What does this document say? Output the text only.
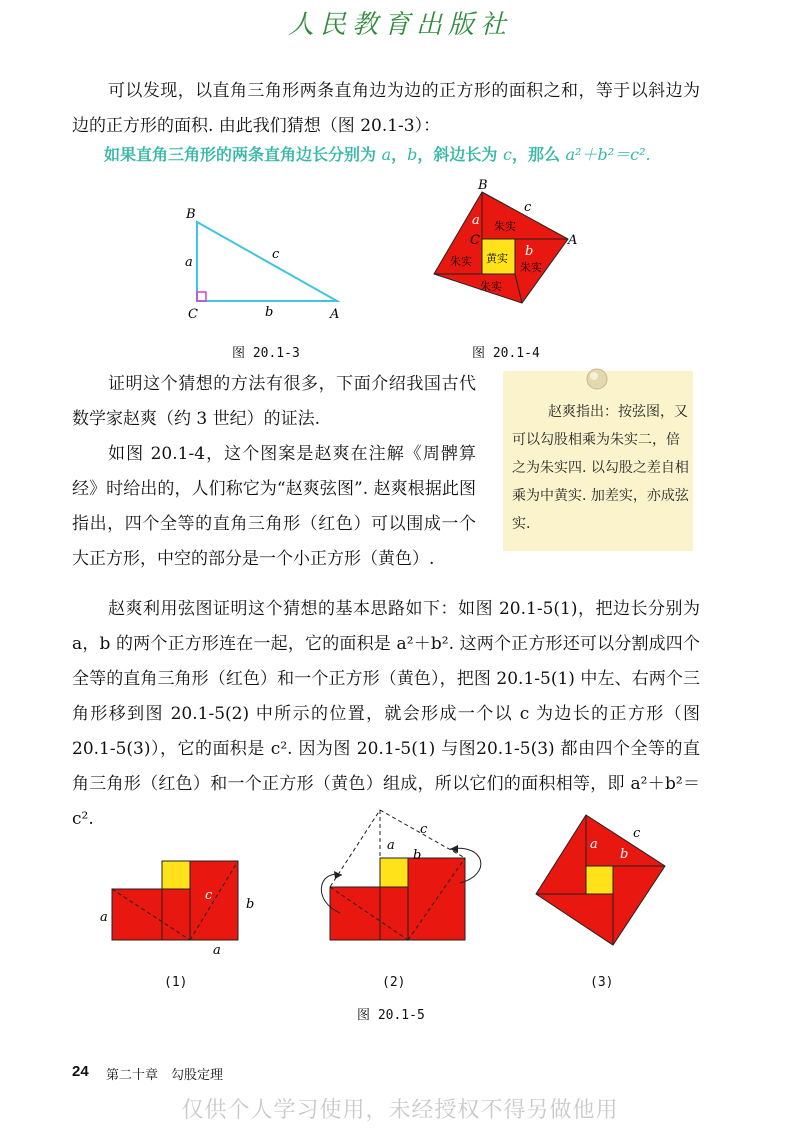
人民教育出版社
可以发现，以直角三角形两条直角边为边的正方形的面积之和，等于以斜边为边的正方形的面积. 由此我们猜想（图 20.1-3）：
如果直角三角形的两条直角边长分别为 a，b，斜边长为 c，那么 a²＋b²＝c².
B
C	A
a
b
c
图 20.1-3
B
A
C
a
b
c
朱实
朱实
朱实
朱实 黄实
图 20.1-4
证明这个猜想的方法有很多，下面介绍我国古代数学家赵爽（约 3 世纪）的证法.
如图 20.1-4，这个图案是赵爽在注解《周髀算经》时给出的，人们称它为“赵爽弦图”. 赵爽根据此图指出，四个全等的直角三角形（红色）可以围成一个大正方形，中空的部分是一个小正方形（黄色）.
赵爽指出：按弦图，又可以勾股相乘为朱实二，倍之为朱实四. 以勾股之差自相乘为中黄实. 加差实，亦成弦实.
赵爽利用弦图证明这个猜想的基本思路如下：如图 20.1-5(1)，把边长分别为 a，b 的两个正方形连在一起，它的面积是 a²＋b². 这两个正方形还可以分割成四个全等的直角三角形（红色）和一个正方形（黄色），把图 20.1-5(1) 中左、右两个三角形移到图 20.1-5(2) 中所示的位置，就会形成一个以 c 为边长的正方形（图 20.1-5(3)），它的面积是 c². 因为图 20.1-5(1) 与图20.1-5(3) 都由四个全等的直角三角形（红色）和一个正方形（黄色）组成，所以它们的面积相等，即 a²＋b²＝c².
a
b
c
a
a
b
c
a
b
c
(1)	(2)	(3)
图 20.1-5
24 第二十章　勾股定理
仅供个人学习使用，未经授权不得另做他用
